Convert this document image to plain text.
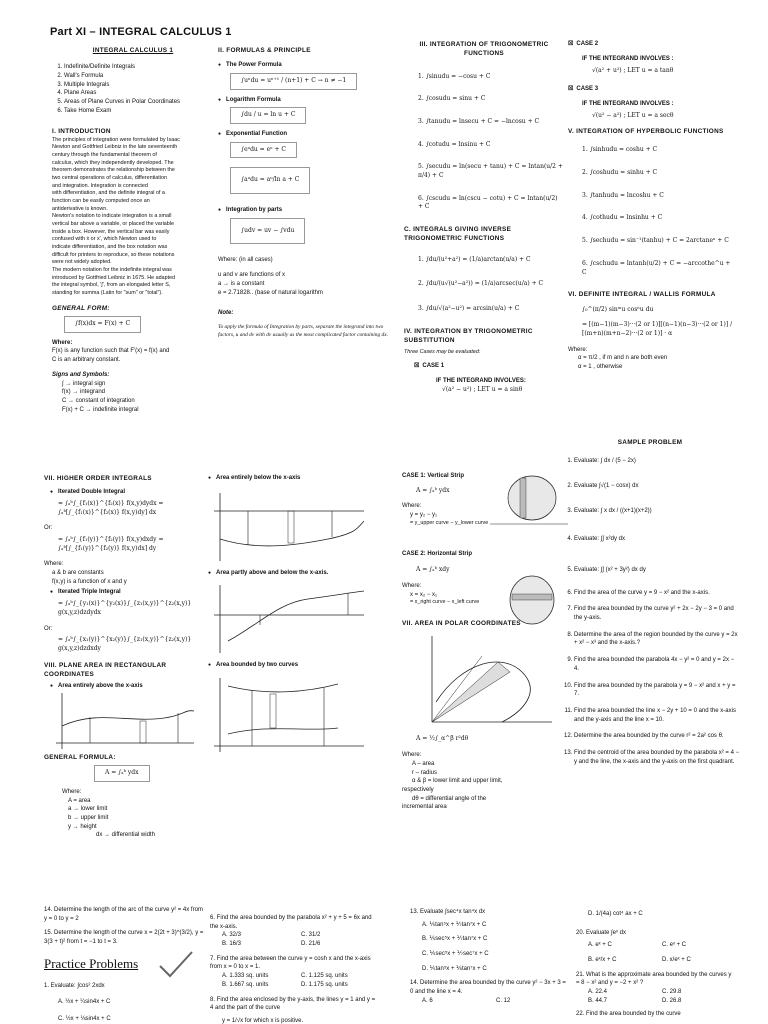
Part XI – INTEGRAL CALCULUS 1
INTEGRAL CALCULUS 1
1. Indefinite/Definite Integrals
2. Wall's Formula
3. Multiple Integrals
4. Plane Areas
5. Areas of Plane Curves in Polar Coordinates
6. Take Home Exam
I. INTRODUCTION
The principles of integration were formulated by Isaac
Newton and Gottfried Leibniz in the late seventeenth
century through the fundamental theorem of
calculus, which they independently developed. The
theorem demonstrates the relationship between the
two central operations of calculus, differentiation
and integration. Integration is connected
with differentiation, and the definite integral of a
function can be easily computed once an
antiderivative is known.
Newton's notation to indicate integration is a small
vertical bar above a variable, or placed the variable
inside a box. However, the vertical bar was easily
confused with ẋ or x', which Newton used to
indicate differentiation, and the box notation was
difficult for printers to reproduce, so these notations
were not widely adopted.
The modern notation for the indefinite integral was
introduced by Gottfried Leibniz in 1675. He adapted
the integral symbol, '∫', from an elongated letter S,
standing for summa (Latin for "sum" or "total").
GENERAL FORM:
∫f(x)dx = F(x) + C
Where:
F(x) is any function such that F'(x) = f(x) and
C is an arbitrary constant.
Signs and Symbols:
∫ → integral sign
f(x) → integrand
C → constant of integration
F(x) + C → indefinite integral
II. FORMULAS & PRINCIPLE
● The Power Formula
∫uⁿdu = uⁿ⁺¹ / (n+1) + C → n ≠ −1
● Logarithm Formula
∫du / u = ln u + C
● Exponential Function
∫eᵘdu = eᵘ + C
∫aᵘdu = aᵘ/ln a + C
● Integration by parts
∫udv = uv − ∫vdu
Where: (in all cases)
u and v are functions of x
a → is a constant
e = 2.71828.. (base of natural logarithm
Note:
To apply the formula of Integration by parts, separate the integrand into two factors, u and dv with dv usually as the most complicated factor containing dx.
III. INTEGRATION OF TRIGONOMETRIC FUNCTIONS
1. ∫sinudu = −cosu + C
2. ∫cosudu = sinu + C
3. ∫tanudu = lnsecu + C = −lncosu + C
4. ∫cotudu = lnsinu + C
5. ∫secudu = ln(secu + tanu) + C = lntan(u/2 + π/4) + C
6. ∫cscudu = ln(cscu − cotu) + C = lntan(u/2) + C
C. INTEGRALS GIVING INVERSE TRIGONOMETRIC FUNCTIONS
1. ∫du/(u²+a²) = (1/a)arctan(u/a) + C
2. ∫du/(u√(u²−a²)) = (1/a)arcsec(u/a) + C
3. ∫du/√(a²−u²) = arcsin(u/a) + C
IV. INTEGRATION BY TRIGONOMETRIC SUBSTITUTION
Three Cases may be evaluated:
☒ CASE 1
IF THE INTEGRAND INVOLVES:
√(a² − u²) ; LET u = a sinθ
☒ CASE 2
IF THE INTEGRAND INVOLVES :
√(a² + u²) ; LET u = a tanθ
☒ CASE 3
IF THE INTEGRAND INVOLVES :
√(u² − a²) ; LET u = a secθ
V. INTEGRATION OF HYPERBOLIC FUNCTIONS
1. ∫sinhudu = coshu + C
2. ∫coshudu = sinhu + C
3. ∫tanhudu = lncoshu + C
4. ∫cothudu = lnsinhu + C
5. ∫sechudu = sin⁻¹(tanhu) + C = 2arctaneᵘ + C
6. ∫cschudu = lntanh(u/2) + C = −arccothe^u + C
VI. DEFINITE INTEGRAL / WALLIS FORMULA
∫₀^(π/2) sinᵐu cosⁿu du
= [(m−1)(m−3)···(2 or 1)][(n−1)(n−3)···(2 or 1)] / [(m+n)(m+n−2)···(2 or 1)] · α
Where:
α = π/2 , if m and n are both even
α = 1 , otherwise
VII. HIGHER ORDER INTEGRALS
● Iterated Double Integral
= ∫ₐᵇ∫_{f₁(x)}^{f₂(x)} f(x,y)dydx = ∫ₐᵇ[∫_{f₁(x)}^{f₂(x)} f(x,y)dy] dx
Or:
= ∫ₐᵇ∫_{f₁(y)}^{f₂(y)} f(x,y)dxdy = ∫ₐᵇ[∫_{f₁(y)}^{f₂(y)} f(x,y)dx] dy
Where:
a & b are constants
f(x,y) is a function of x and y
● Iterated Triple Integral
= ∫ₐᵇ∫_{y₁(x)}^{y₂(x)}∫_{z₁(x,y)}^{z₂(x,y)} g(x,y,z)dzdydx
Or:
= ∫ₐᵇ∫_{x₁(y)}^{x₂(y)}∫_{z₁(x,y)}^{z₂(x,y)} g(x,y,z)dzdxdy
VIII. PLANE AREA IN RECTANGULAR COORDINATES
● Area entirely above the x-axis
GENERAL FORMULA:
A = ∫ₐᵇ ydx
Where:
A = area
a → lower limit
b → upper limit
y → height
dx → differential width
● Area entirely below the x-axis
● Area partly above and below the x-axis.
● Area bounded by two curves
CASE 1: Vertical Strip
A = ∫ₐᵇ ydx
Where:
y = y₂ − y₁
= y_upper curve − y_lower curve
CASE 2: Horizontal Strip
A = ∫ₐᵇ xdy
Where:
x = x₂ − x₁
= x_right curve − x_left curve
VII. AREA IN POLAR COORDINATES
A = ½∫_α^β r²dθ
Where:
A – area
r – radius
α & β = lower limit and upper limit,
respectively
dθ = differential angle of the
incremental area
SAMPLE PROBLEM
1. Evaluate: ∫ dx / (5 − 2x)
2. Evaluate ∫√(1 − cosx) dx
3. Evaluate: ∫ x dx / ((x+1)(x+2))
4. Evaluate: ∫∫ x²dy dx
5. Evaluate: ∫∫ (x² + 3y²) dx dy
6. Find the area of the curve y = 9 − x² and the x-axis.
7. Find the area bounded by the curve y² + 2x − 2y − 3 = 0 and the y-axis.
8. Determine the area of the region bounded by the curve y = 2x + x² − x³ and the x-axis.?
9. Find the area bounded the parabola 4x − y² = 0 and y = 2x − 4.
10. Find the area bounded by the parabola y = 9 − x² and x + y = 7.
11. Find the area bounded the line x − 2y + 10 = 0 and the x-axis and the y-axis and the line x = 10.
12. Determine the area bounded by the curve r² = 2a² cos θ.
13. Find the centroid of the area bounded by the parabola x² = 4 − y and the line, the x-axis and the y-axis on the first quadrant.
14. Determine the length of the arc of the curve y² = 4x from y = 0 to y = 2
15. Determine the length of the curve x = 2(2t + 3)^(3/2), y = 3(3 + t)² from t = −1 to t = 3.
Practice Problems
1. Evaluate: ∫cos² 2xdx
A. ½x + ¼sin4x + C
C. ½x + ⅛sin4x + C
6. Find the area bounded by the parabola x² + y + 5 = 6x and the x-axis.
A. 32/3	C. 31/2
B. 16/3	D. 21/6
7. Find the area between the curve y = cosh x and the x-axis from x = 0 to x = 1.
A. 1.333 sq. units	C. 1.125 sq. units
B. 1.667 sq. units	D. 1.175 sq. units
8. Find the area enclosed by the y-axis, the lines y = 1 and y = 4 and the part of the curve
y = 1/√x for which x is positive.
13. Evaluate ∫sec⁴x tan⁴x dx
A. ⅕tan⁵x + ⅐tan⁷x + C
B. ⅕sec⁵x + ⅐tan⁷x + C
C. ⅕sec⁵x + ⅐sec⁷x + C
D. ⅕tan⁵x + ⅙tan⁷x + C
14. Determine the area bounded by the curve y² − 3x + 3 = 0 and the line x = 4.
A. 6	C. 12
D. 1/(4a) cot⁴ ax + C
20. Evaluate ∫eˣ dx
A. eˣ + C	C. eˣ + C
B. eˣ/x + C	D. x/eˣ + C
21. What is the approximate area bounded by the curves y = 8 − x² and y = −2 + x² ?
A. 22.4	C. 29.8
B. 44.7	D. 26.8
22. Find the area bounded by the curve
